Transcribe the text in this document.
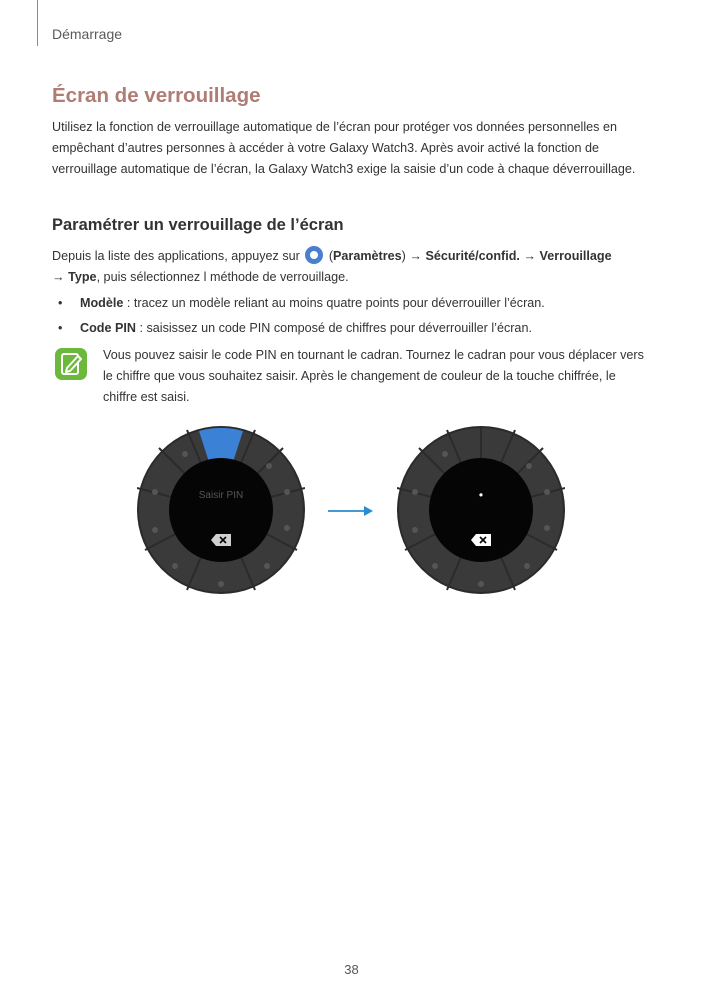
Démarrage
Écran de verrouillage

Utilisez la fonction de verrouillage automatique de l’écran pour protéger vos données personnelles en empêchant d’autres personnes à accéder à votre Galaxy Watch3. Après avoir activé la fonction de verrouillage automatique de l’écran, la Galaxy Watch3 exige la saisie d’un code à chaque déverrouillage.

Paramétrer un verrouillage de l’écran

Depuis la liste des applications, appuyez sur  (Paramètres) → Sécurité/confid. → Verrouillage
→ Type, puis sélectionnez l méthode de verrouillage.

• Modèle : tracez un modèle reliant au moins quatre points pour déverrouiller l’écran.
• Code PIN : saisissez un code PIN composé de chiffres pour déverrouiller l’écran.

Vous pouvez saisir le code PIN en tournant le cadran. Tournez le cadran pour vous déplacer vers le chiffre que vous souhaitez saisir. Après le changement de couleur de la touche chiffrée, le chiffre est saisi.

Saisir PIN	•
38
